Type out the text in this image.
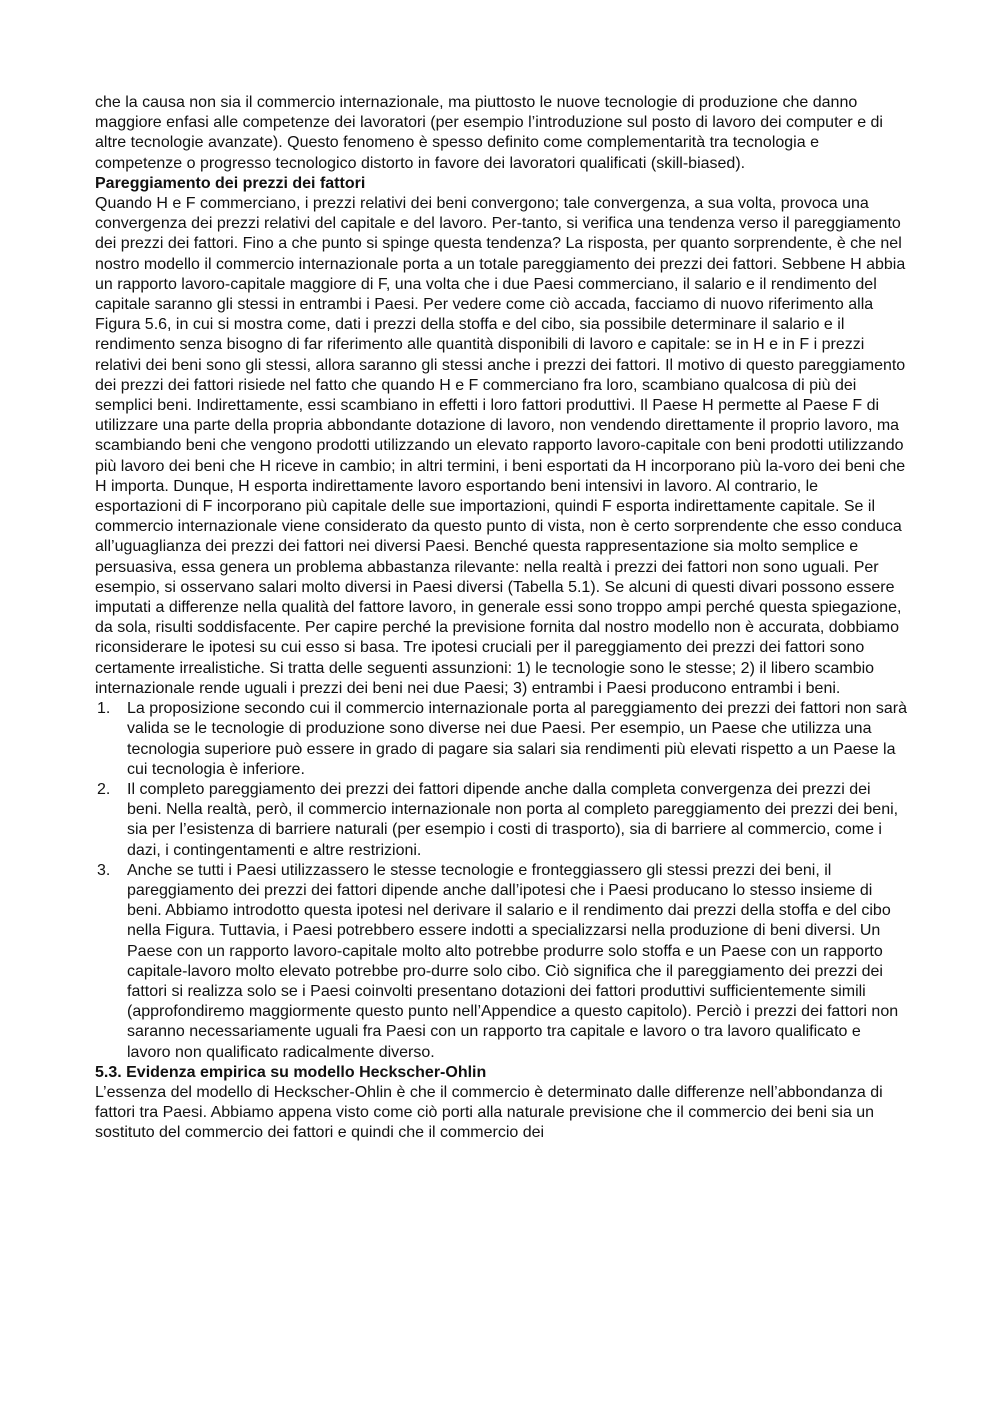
che la causa non sia il commercio internazionale, ma piuttosto le nuove tecnologie di produzione che danno maggiore enfasi alle competenze dei lavoratori (per esempio l’introduzione sul posto di lavoro dei computer e di altre tecnologie avanzate). Questo fenomeno è spesso definito come complementarità tra tecnologia e competenze o progresso tecnologico distorto in favore dei lavoratori qualificati (skill-biased).

Pareggiamento dei prezzi dei fattori

Quando H e F commerciano, i prezzi relativi dei beni convergono; tale convergenza, a sua volta, provoca una convergenza dei prezzi relativi del capitale e del lavoro. Per-tanto, si verifica una tendenza verso il pareggiamento dei prezzi dei fattori. Fino a che punto si spinge questa tendenza? La risposta, per quanto sorprendente, è che nel nostro modello il commercio internazionale porta a un totale pareggiamento dei prezzi dei fattori. Sebbene H abbia un rapporto lavoro-capitale maggiore di F, una volta che i due Paesi commerciano, il salario e il rendimento del capitale saranno gli stessi in entrambi i Paesi. Per vedere come ciò accada, facciamo di nuovo riferimento alla Figura 5.6, in cui si mostra come, dati i prezzi della stoffa e del cibo, sia possibile determinare il salario e il rendimento senza bisogno di far riferimento alle quantità disponibili di lavoro e capitale: se in H e in F i prezzi relativi dei beni sono gli stessi, allora saranno gli stessi anche i prezzi dei fattori. Il motivo di questo pareggiamento dei prezzi dei fattori risiede nel fatto che quando H e F commerciano fra loro, scambiano qualcosa di più dei semplici beni. Indirettamente, essi scambiano in effetti i loro fattori produttivi. Il Paese H permette al Paese F di utilizzare una parte della propria abbondante dotazione di lavoro, non vendendo direttamente il proprio lavoro, ma scambiando beni che vengono prodotti utilizzando un elevato rapporto lavoro-capitale con beni prodotti utilizzando più lavoro dei beni che H riceve in cambio; in altri termini, i beni esportati da H incorporano più la-voro dei beni che H importa. Dunque, H esporta indirettamente lavoro esportando beni intensivi in lavoro. Al contrario, le esportazioni di F incorporano più capitale delle sue importazioni, quindi F esporta indirettamente capitale. Se il commercio internazionale viene considerato da questo punto di vista, non è certo sorprendente che esso conduca all’uguaglianza dei prezzi dei fattori nei diversi Paesi. Benché questa rappresentazione sia molto semplice e persuasiva, essa genera un problema abbastanza rilevante: nella realtà i prezzi dei fattori non sono uguali. Per esempio, si osservano salari molto diversi in Paesi diversi (Tabella 5.1). Se alcuni di questi divari possono essere imputati a differenze nella qualità del fattore lavoro, in generale essi sono troppo ampi perché questa spiegazione, da sola, risulti soddisfacente. Per capire perché la previsione fornita dal nostro modello non è accurata, dobbiamo riconsiderare le ipotesi su cui esso si basa. Tre ipotesi cruciali per il pareggiamento dei prezzi dei fattori sono certamente irrealistiche. Si tratta delle seguenti assunzioni: 1) le tecnologie sono le stesse; 2) il libero scambio internazionale rende uguali i prezzi dei beni nei due Paesi; 3) entrambi i Paesi producono entrambi i beni.

1. La proposizione secondo cui il commercio internazionale porta al pareggiamento dei prezzi dei fattori non sarà valida se le tecnologie di produzione sono diverse nei due Paesi. Per esempio, un Paese che utilizza una tecnologia superiore può essere in grado di pagare sia salari sia rendimenti più elevati rispetto a un Paese la cui tecnologia è inferiore.
2. Il completo pareggiamento dei prezzi dei fattori dipende anche dalla completa convergenza dei prezzi dei beni. Nella realtà, però, il commercio internazionale non porta al completo pareggiamento dei prezzi dei beni, sia per l’esistenza di barriere naturali (per esempio i costi di trasporto), sia di barriere al commercio, come i dazi, i contingentamenti e altre restrizioni.
3. Anche se tutti i Paesi utilizzassero le stesse tecnologie e fronteggiassero gli stessi prezzi dei beni, il pareggiamento dei prezzi dei fattori dipende anche dall’ipotesi che i Paesi producano lo stesso insieme di beni. Abbiamo introdotto questa ipotesi nel derivare il salario e il rendimento dai prezzi della stoffa e del cibo nella Figura. Tuttavia, i Paesi potrebbero essere indotti a specializzarsi nella produzione di beni diversi. Un Paese con un rapporto lavoro-capitale molto alto potrebbe produrre solo stoffa e un Paese con un rapporto capitale-lavoro molto elevato potrebbe pro-durre solo cibo. Ciò significa che il pareggiamento dei prezzi dei fattori si realizza solo se i Paesi coinvolti presentano dotazioni dei fattori produttivi sufficientemente simili (approfondiremo maggiormente questo punto nell’Appendice a questo capitolo). Perciò i prezzi dei fattori non saranno necessariamente uguali fra Paesi con un rapporto tra capitale e lavoro o tra lavoro qualificato e lavoro non qualificato radicalmente diverso.

5.3. Evidenza empirica su modello Heckscher-Ohlin

L’essenza del modello di Heckscher-Ohlin è che il commercio è determinato dalle differenze nell’abbondanza di fattori tra Paesi. Abbiamo appena visto come ciò porti alla naturale previsione che il commercio dei beni sia un sostituto del commercio dei fattori e quindi che il commercio dei
